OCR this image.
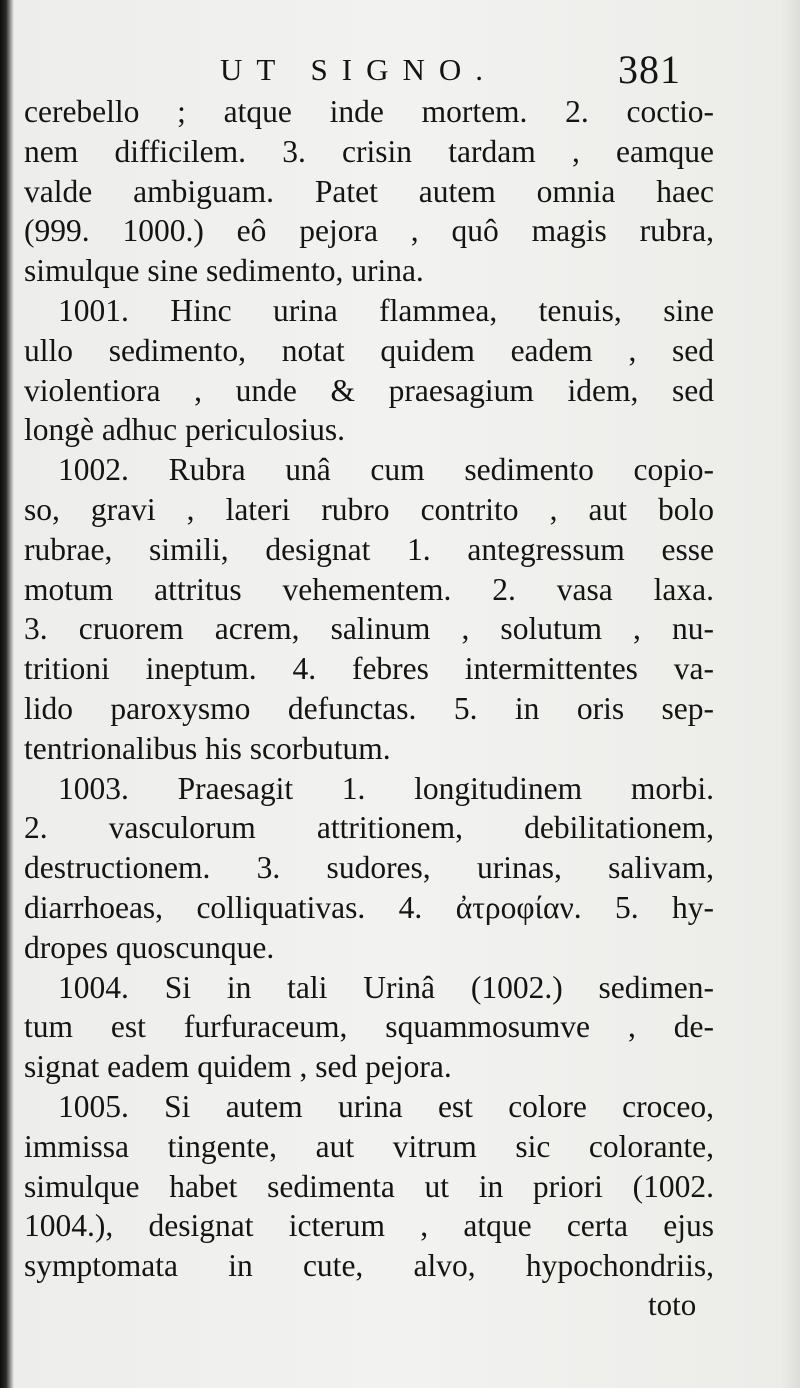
UT SIGNO.	381
cerebello ; atque inde mortem. 2. coctio-
nem difficilem. 3. crisin tardam , eamque
valde ambiguam. Patet autem omnia haec
(999. 1000.) eô pejora , quô magis rubra,
simulque sine sedimento, urina.
1001. Hinc urina flammea, tenuis, sine
ullo sedimento, notat quidem eadem , sed
violentiora , unde & praesagium idem, sed
longè adhuc periculosius.
1002. Rubra unâ cum sedimento copio-
so, gravi , lateri rubro contrito , aut bolo
rubrae, simili, designat 1. antegressum esse
motum attritus vehementem. 2. vasa laxa.
3. cruorem acrem, salinum , solutum , nu-
tritioni ineptum. 4. febres intermittentes va-
lido paroxysmo defunctas. 5. in oris sep-
tentrionalibus his scorbutum.
1003. Praesagit 1. longitudinem morbi.
2. vasculorum attritionem, debilitationem,
destructionem. 3. sudores, urinas, salivam,
diarrhoeas, colliquativas. 4. ἀτροφίαν. 5. hy-
dropes quoscunque.
1004. Si in tali Urinâ (1002.) sedimen-
tum est furfuraceum, squammosumve , de-
signat eadem quidem , sed pejora.
1005. Si autem urina est colore croceo,
immissa tingente, aut vitrum sic colorante,
simulque habet sedimenta ut in priori (1002.
1004.), designat icterum , atque certa ejus
symptomata in cute, alvo, hypochondriis,
toto
